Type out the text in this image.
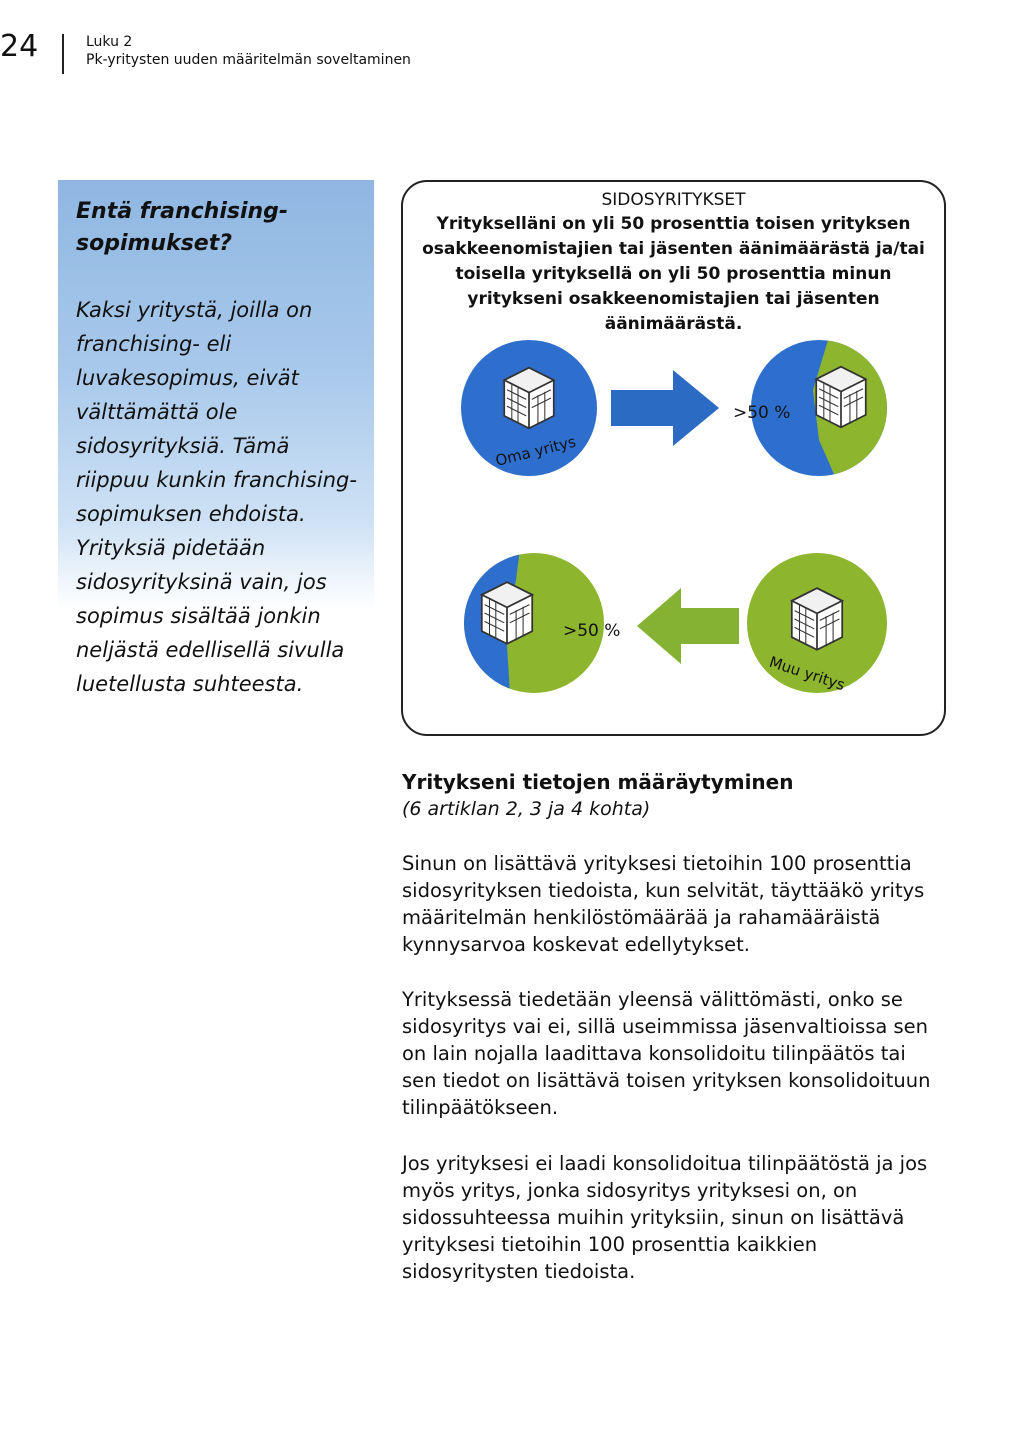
24	Luku 2
Pk-yritysten uuden määritelmän soveltaminen
Entä franchising-sopimukset?
Kaksi yritystä, joilla on franchising- eli luvakesopimus, eivät välttämättä ole sidosyrityksiä. Tämä riippuu kunkin franchising-sopimuksen ehdoista. Yrityksiä pidetään sidosyrityksinä vain, jos sopimus sisältää jonkin neljästä edellisellä sivulla luetellusta suhteesta.
SIDOSYRITYKSET
Yritykselläni on yli 50 prosenttia toisen yrityksen osakkeenomistajien tai jäsenten äänimäärästä ja/tai toisella yrityksellä on yli 50 prosenttia minun yritykseni osakkeenomistajien tai jäsenten äänimäärästä.
Oma yritys
>50 %
>50 %
Muu yritys
Yritykseni tietojen määräytyminen
(6 artiklan 2, 3 ja 4 kohta)
Sinun on lisättävä yrityksesi tietoihin 100 prosenttia sidosyrityksen tiedoista, kun selvität, täyttääkö yritys määritelmän henkilöstömäärää ja rahamääräistä kynnysarvoa koskevat edellytykset.
Yrityksessä tiedetään yleensä välittömästi, onko se sidosyritys vai ei, sillä useimmissa jäsenvaltioissa sen on lain nojalla laadittava konsolidoitu tilinpäätös tai sen tiedot on lisättävä toisen yrityksen konsolidoituun tilinpäätökseen.
Jos yrityksesi ei laadi konsolidoitua tilinpäätöstä ja jos myös yritys, jonka sidosyritys yrityksesi on, on sidossuhteessa muihin yrityksiin, sinun on lisättävä yrityksesi tietoihin 100 prosenttia kaikkien sidosyritysten tiedoista.
